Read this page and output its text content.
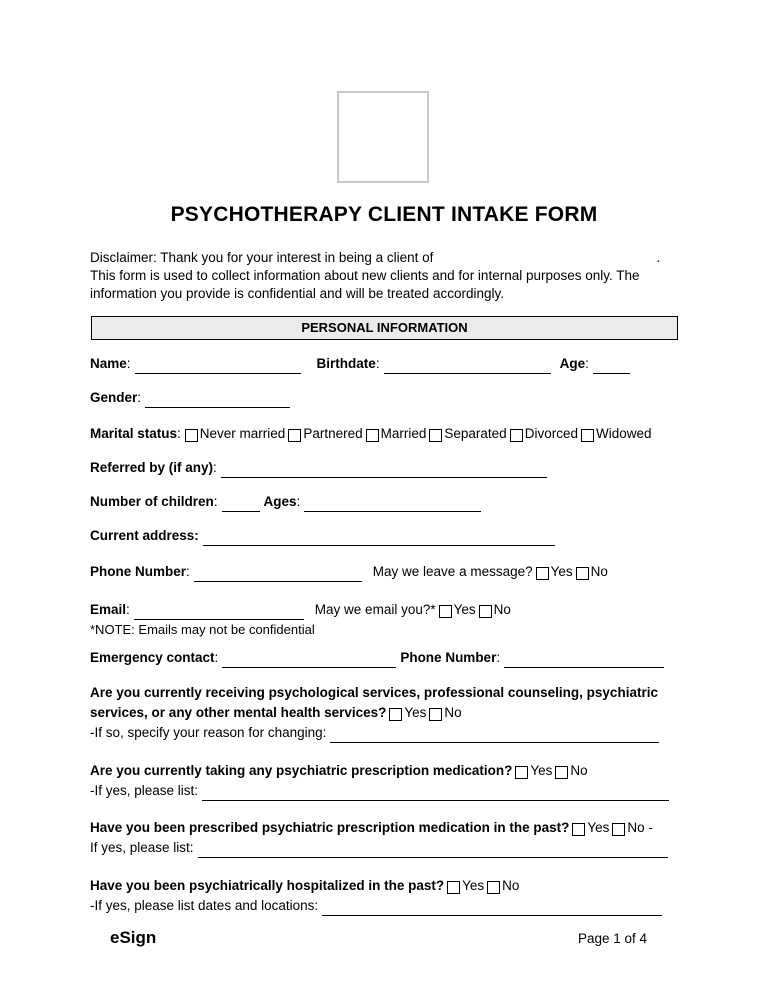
PSYCHOTHERAPY CLIENT INTAKE FORM
Disclaimer: Thank you for your interest in being a client of	.
This form is used to collect information about new clients and for internal purposes only. The
information you provide is confidential and will be treated accordingly.
PERSONAL INFORMATION
Name:	Birthdate:	Age:
Gender:
Marital status: Never married Partnered Married Separated Divorced Widowed
Referred by (if any):
Number of children:	Ages:
Current address:
Phone Number:	May we leave a message? Yes No
Email:	May we email you?* Yes No
*NOTE: Emails may not be confidential
Emergency contact:	Phone Number:
Are you currently receiving psychological services, professional counseling, psychiatric
services, or any other mental health services? Yes No
-If so, specify your reason for changing:
Are you currently taking any psychiatric prescription medication? Yes No
-If yes, please list:
Have you been prescribed psychiatric prescription medication in the past? Yes No -
If yes, please list:
Have you been psychiatrically hospitalized in the past? Yes No
-If yes, please list dates and locations:
eSign	Page 1 of 4
